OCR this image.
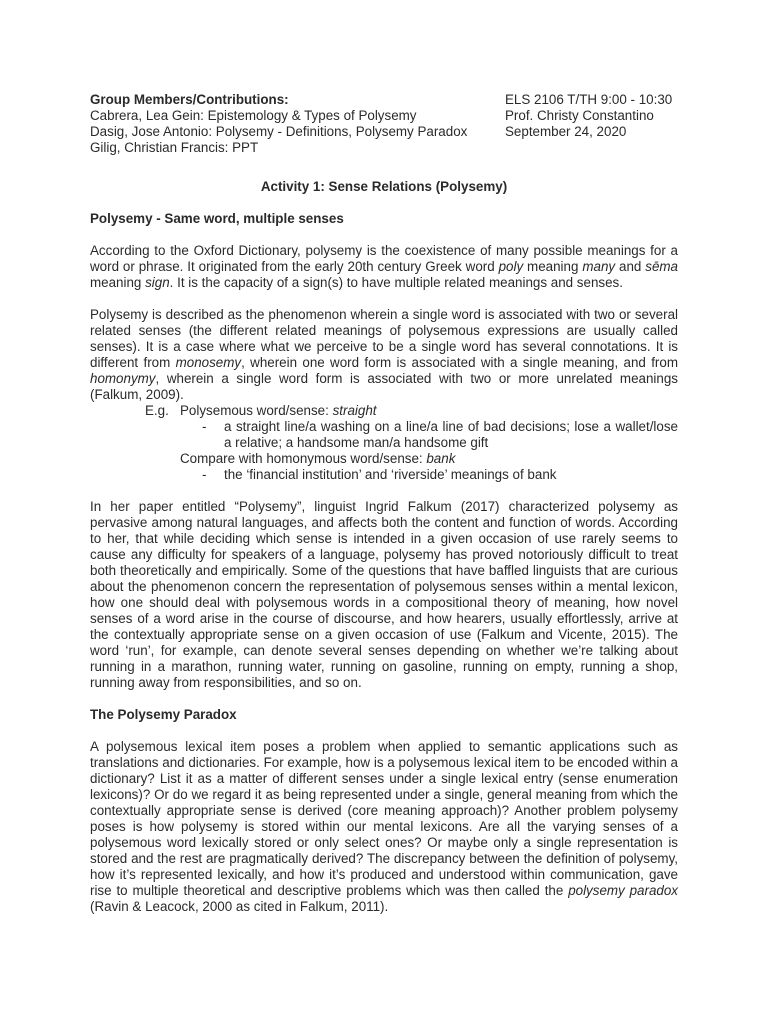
Group Members/Contributions:
Cabrera, Lea Gein: Epistemology & Types of Polysemy
Dasig, Jose Antonio: Polysemy - Definitions, Polysemy Paradox
Gilig, Christian Francis: PPT
ELS 2106 T/TH 9:00 - 10:30
Prof. Christy Constantino
September 24, 2020
Activity 1: Sense Relations (Polysemy)
Polysemy - Same word, multiple senses

According to the Oxford Dictionary, polysemy is the coexistence of many possible meanings for a word or phrase. It originated from the early 20th century Greek word poly meaning many and sēma meaning sign. It is the capacity of a sign(s) to have multiple related meanings and senses.

Polysemy is described as the phenomenon wherein a single word is associated with two or several related senses (the different related meanings of polysemous expressions are usually called senses). It is a case where what we perceive to be a single word has several connotations. It is different from monosemy, wherein one word form is associated with a single meaning, and from homonymy, wherein a single word form is associated with two or more unrelated meanings (Falkum, 2009).

E.g. Polysemous word/sense: straight
- a straight line/a washing on a line/a line of bad decisions; lose a wallet/lose a relative; a handsome man/a handsome gift
Compare with homonymous word/sense: bank
- the ‘financial institution’ and ‘riverside’ meanings of bank

In her paper entitled “Polysemy”, linguist Ingrid Falkum (2017) characterized polysemy as pervasive among natural languages, and affects both the content and function of words. According to her, that while deciding which sense is intended in a given occasion of use rarely seems to cause any difficulty for speakers of a language, polysemy has proved notoriously difficult to treat both theoretically and empirically. Some of the questions that have baffled linguists that are curious about the phenomenon concern the representation of polysemous senses within a mental lexicon, how one should deal with polysemous words in a compositional theory of meaning, how novel senses of a word arise in the course of discourse, and how hearers, usually effortlessly, arrive at the contextually appropriate sense on a given occasion of use (Falkum and Vicente, 2015). The word ‘run’, for example, can denote several senses depending on whether we’re talking about running in a marathon, running water, running on gasoline, running on empty, running a shop, running away from responsibilities, and so on.

The Polysemy Paradox

A polysemous lexical item poses a problem when applied to semantic applications such as translations and dictionaries. For example, how is a polysemous lexical item to be encoded within a dictionary? List it as a matter of different senses under a single lexical entry (sense enumeration lexicons)? Or do we regard it as being represented under a single, general meaning from which the contextually appropriate sense is derived (core meaning approach)? Another problem polysemy poses is how polysemy is stored within our mental lexicons. Are all the varying senses of a polysemous word lexically stored or only select ones? Or maybe only a single representation is stored and the rest are pragmatically derived? The discrepancy between the definition of polysemy, how it’s represented lexically, and how it’s produced and understood within communication, gave rise to multiple theoretical and descriptive problems which was then called the polysemy paradox (Ravin & Leacock, 2000 as cited in Falkum, 2011).
